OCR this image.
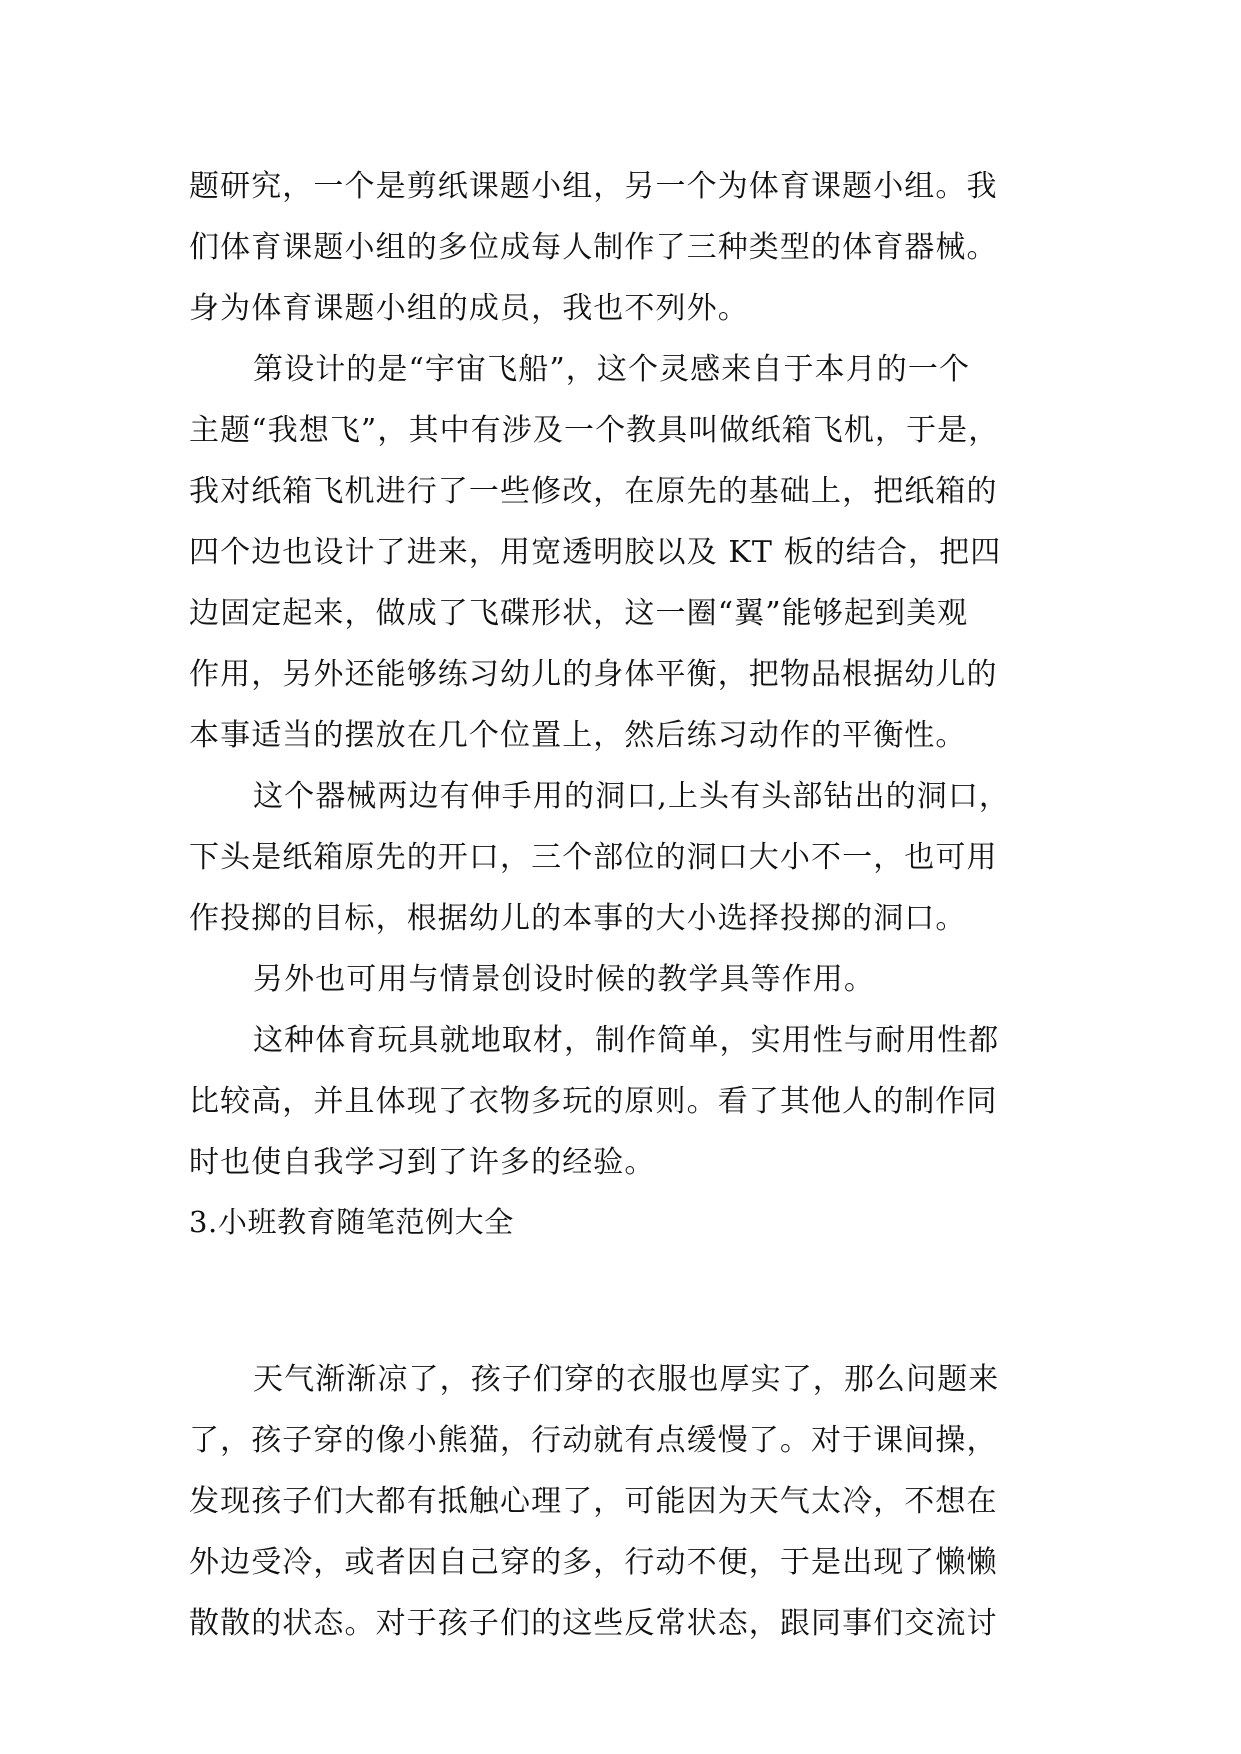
题研究，一个是剪纸课题小组，另一个为体育课题小组。我

们体育课题小组的多位成每人制作了三种类型的体育器械。

身为体育课题小组的成员，我也不列外。

第设计的是“宇宙飞船”，这个灵感来自于本月的一个

主题“我想飞”，其中有涉及一个教具叫做纸箱飞机，于是，

我对纸箱飞机进行了一些修改，在原先的基础上，把纸箱的

四个边也设计了进来，用宽透明胶以及 KT 板的结合，把四

边固定起来，做成了飞碟形状，这一圈“翼”能够起到美观

作用，另外还能够练习幼儿的身体平衡，把物品根据幼儿的

本事适当的摆放在几个位置上，然后练习动作的平衡性。

这个器械两边有伸手用的洞口,上头有头部钻出的洞口，

下头是纸箱原先的开口，三个部位的洞口大小不一，也可用

作投掷的目标，根据幼儿的本事的大小选择投掷的洞口。

另外也可用与情景创设时候的教学具等作用。

这种体育玩具就地取材，制作简单，实用性与耐用性都

比较高，并且体现了衣物多玩的原则。看了其他人的制作同

时也使自我学习到了许多的经验。

3.小班教育随笔范例大全

天气渐渐凉了，孩子们穿的衣服也厚实了，那么问题来

了，孩子穿的像小熊猫，行动就有点缓慢了。对于课间操，

发现孩子们大都有抵触心理了，可能因为天气太冷，不想在

外边受冷，或者因自己穿的多，行动不便，于是出现了懒懒

散散的状态。对于孩子们的这些反常状态，跟同事们交流讨
